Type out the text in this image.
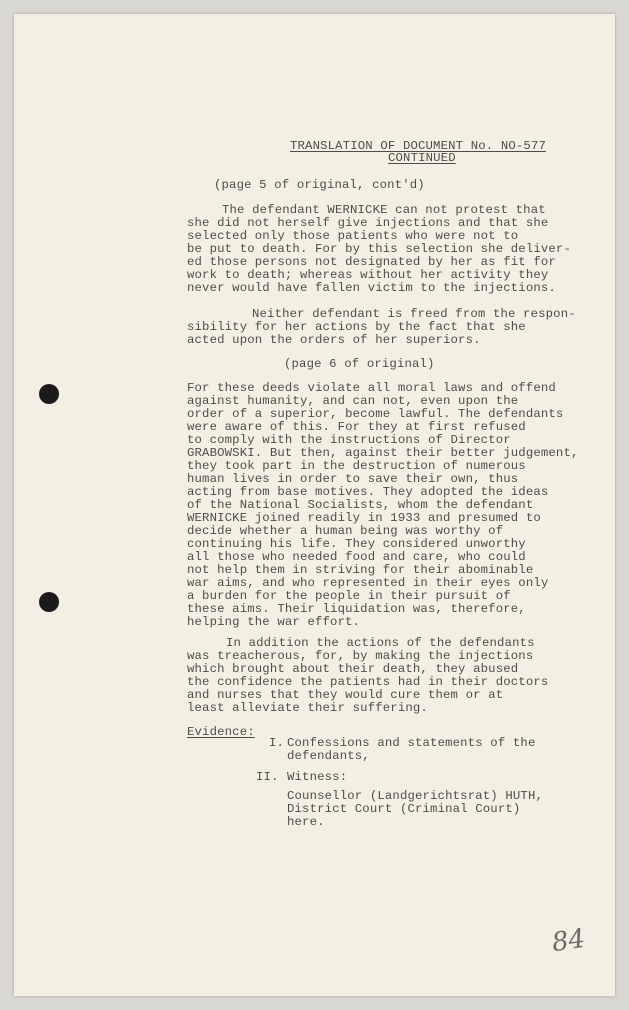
TRANSLATION OF DOCUMENT No. NO-577
CONTINUED
(page 5 of original, cont'd)
The defendant WERNICKE can not protest that
she did not herself give injections and that she
selected only those patients who were not to
be put to death. For by this selection she deliver-
ed those persons not designated by her as fit for
work to death; whereas without her activity they
never would have fallen victim to the injections.
Neither defendant is freed from the respon-
sibility for her actions by the fact that she
acted upon the orders of her superiors.
(page 6 of original)
For these deeds violate all moral laws and offend
against humanity, and can not, even upon the
order of a superior, become lawful. The defendants
were aware of this. For they at first refused
to comply with the instructions of Director
GRABOWSKI. But then, against their better judgement,
they took part in the destruction of numerous
human lives in order to save their own, thus
acting from base motives. They adopted the ideas
of the National Socialists, whom the defendant
WERNICKE joined readily in 1933 and presumed to
decide whether a human being was worthy of
continuing his life. They considered unworthy
all those who needed food and care, who could
not help them in striving for their abominable
war aims, and who represented in their eyes only
a burden for the people in their pursuit of
these aims. Their liquidation was, therefore,
helping the war effort.
In addition the actions of the defendants
was treacherous, for, by making the injections
which brought about their death, they abused
the confidence the patients had in their doctors
and nurses that they would cure them or at
least alleviate their suffering.
Evidence:
I. Confessions and statements of the
defendants,
II. Witness:
Counsellor (Landgerichtsrat) HUTH,
District Court (Criminal Court)
here.
84
